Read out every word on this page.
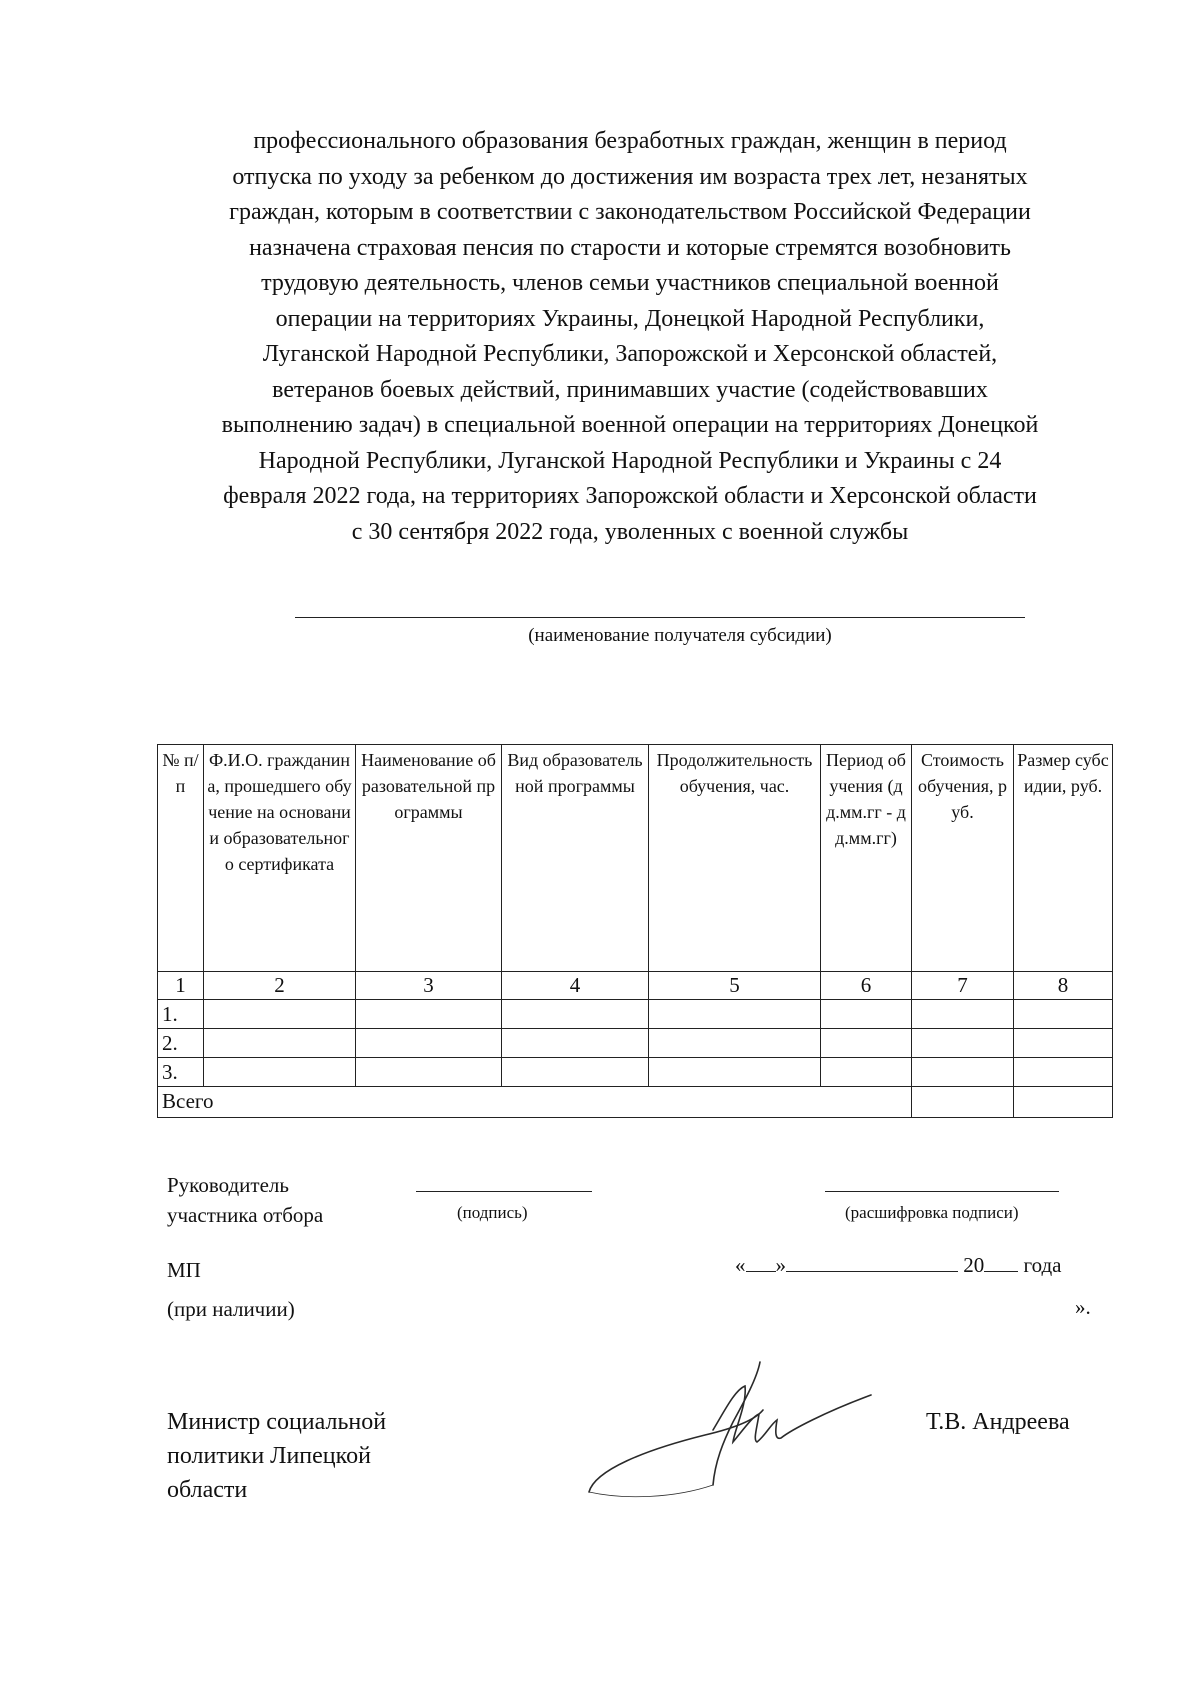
профессионального образования безработных граждан, женщин в период
отпуска по уходу за ребенком до достижения им возраста трех лет, незанятых
граждан, которым в соответствии с законодательством Российской Федерации
назначена страховая пенсия по старости и которые стремятся возобновить
трудовую деятельность, членов семьи участников специальной военной
операции на территориях Украины, Донецкой Народной Республики,
Луганской Народной Республики, Запорожской и Херсонской областей,
ветеранов боевых действий, принимавших участие (содействовавших
выполнению задач) в специальной военной операции на территориях Донецкой
Народной Республики, Луганской Народной Республики и Украины с 24
февраля 2022 года, на территориях Запорожской области и Херсонской области
с 30 сентября 2022 года, уволенных с военной службы
(наименование получателя субсидии)
№ п/п	Ф.И.О. гражданина, прошедшего обучение на основании образовательного сертификата	Наименование образовательной программы	Вид образовательной программы	Продолжительность обучения, час.	Период обучения (дд.мм.гг - дд.мм.гг)	Стоимость обучения, руб.	Размер субсидии, руб.
1	2	3	4	5	6	7	8
1.							
2.							
3.							
Всего							
Руководитель
участника отбора	(подпись)	(расшифровка подписи)
МП
(при наличии)
« »	20 года
».
Министр социальной
политики Липецкой
области
Т.В. Андреева
